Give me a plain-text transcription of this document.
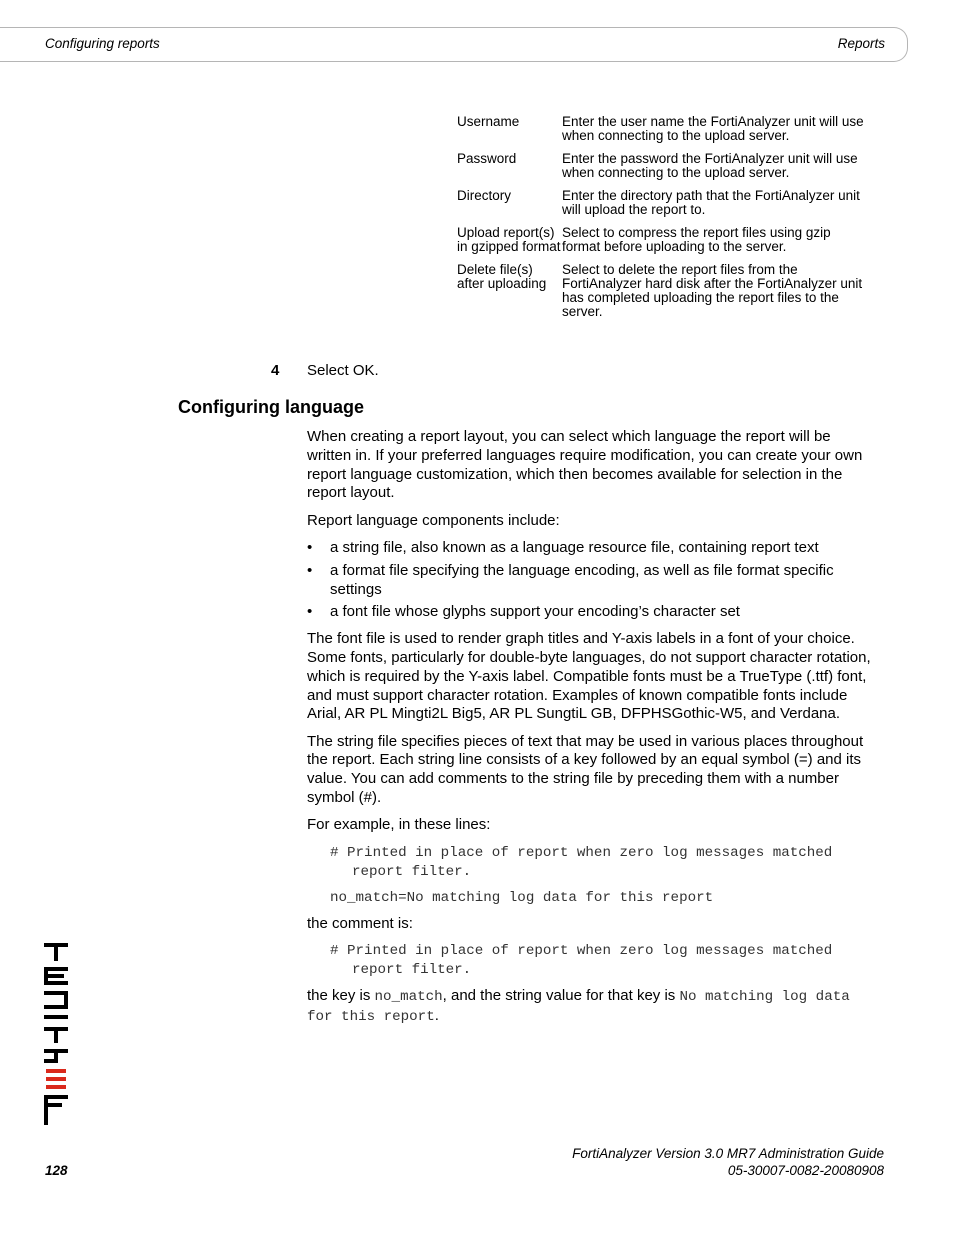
Configuring reports	Reports
Username	Enter the user name the FortiAnalyzer unit will use when connecting to the upload server.
Password	Enter the password the FortiAnalyzer unit will use when connecting to the upload server.
Directory	Enter the directory path that the FortiAnalyzer unit will upload the report to.
Upload report(s) in gzipped format	Select to compress the report files using gzip format before uploading to the server.
Delete file(s) after uploading	Select to delete the report files from the FortiAnalyzer hard disk after the FortiAnalyzer unit has completed uploading the report files to the server.
4 Select OK.
Configuring language

When creating a report layout, you can select which language the report will be written in. If your preferred languages require modification, you can create your own report language customization, which then becomes available for selection in the report layout.

Report language components include:

• a string file, also known as a language resource file, containing report text
• a format file specifying the language encoding, as well as file format specific settings
• a font file whose glyphs support your encoding’s character set

The font file is used to render graph titles and Y-axis labels in a font of your choice. Some fonts, particularly for double-byte languages, do not support character rotation, which is required by the Y-axis label. Compatible fonts must be a TrueType (.ttf) font, and must support character rotation. Examples of known compatible fonts include Arial, AR PL Mingti2L Big5, AR PL SungtiL GB, DFPHSGothic-W5, and Verdana.

The string file specifies pieces of text that may be used in various places throughout the report. Each string line consists of a key followed by an equal symbol (=) and its value. You can add comments to the string file by preceding them with a number symbol (#).

For example, in these lines:

# Printed in place of report when zero log messages matched report filter.
no_match=No matching log data for this report

the comment is:

# Printed in place of report when zero log messages matched report filter.

the key is no_match, and the string value for that key is No matching log data for this report.

FortiAnalyzer Version 3.0 MR7 Administration Guide
05-30007-0082-20080908
128
